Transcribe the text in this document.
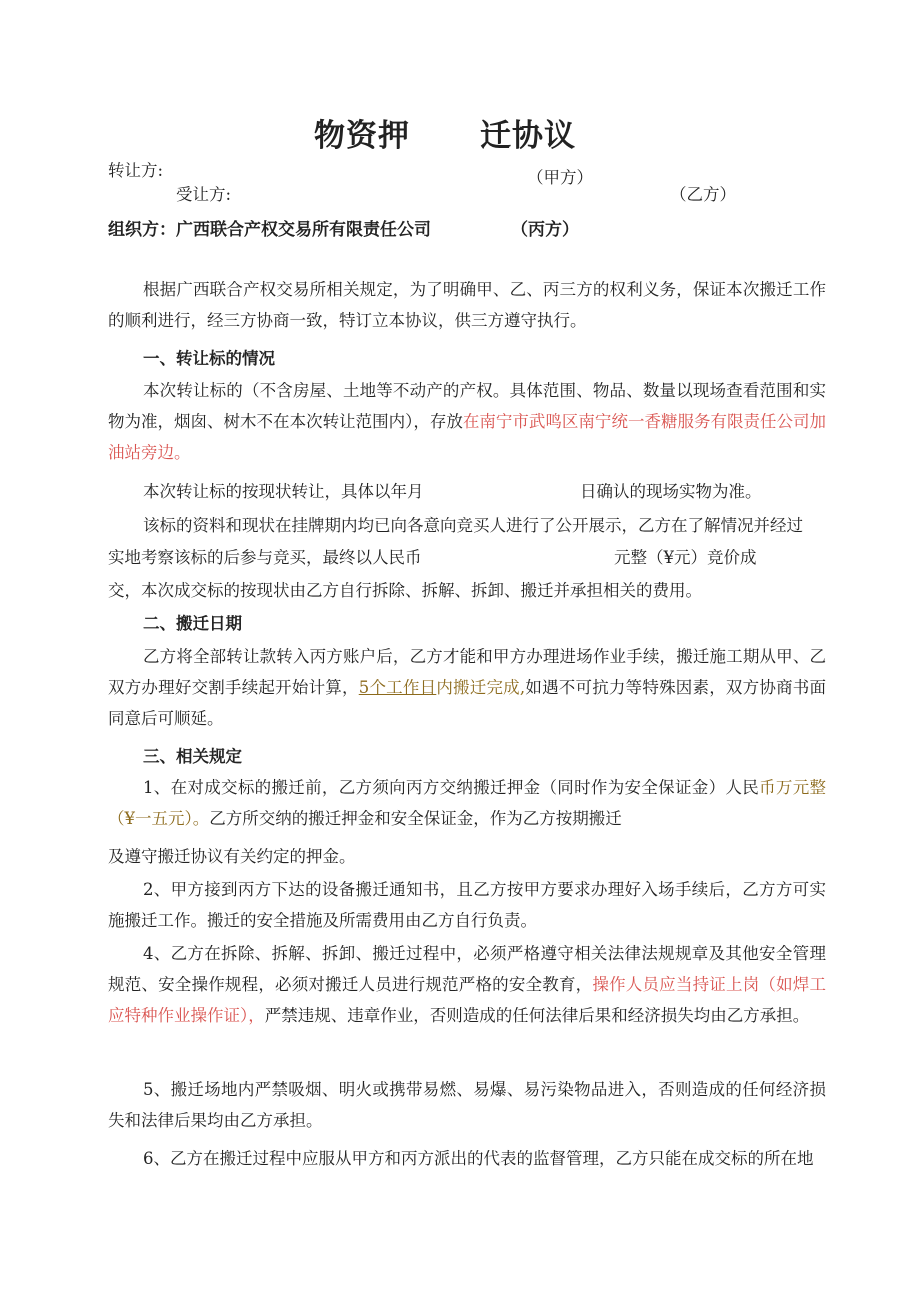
物资押 迁协议
转让方:	（甲方）
受让方:	（乙方）
组织方：广西联合产权交易所有限责任公司	（丙方）
根据广西联合产权交易所相关规定，为了明确甲、乙、丙三方的权利义务，保证本次搬迁工作的顺利进行，经三方协商一致，特订立本协议，供三方遵守执行。
一、转让标的情况
本次转让标的（不含房屋、土地等不动产的产权。具体范围、物品、数量以现场查看范围和实物为准，烟囱、树木不在本次转让范围内），存放在南宁市武鸣区南宁统一香糖服务有限责任公司加油站旁边。
本次转让标的按现状转让，具体以年月	日确认的现场实物为准。
该标的资料和现状在挂牌期内均已向各意向竞买人进行了公开展示，乙方在了解情况并经过
实地考察该标的后参与竞买，最终以人民币	元整（¥元）竞价成
交，本次成交标的按现状由乙方自行拆除、拆解、拆卸、搬迁并承担相关的费用。
二、搬迁日期
乙方将全部转让款转入丙方账户后，乙方才能和甲方办理进场作业手续，搬迁施工期从甲、乙双方办理好交割手续起开始计算，5个工作日内搬迁完成,如遇不可抗力等特殊因素，双方协商书面同意后可顺延。
三、相关规定
1、在对成交标的搬迁前，乙方须向丙方交纳搬迁押金（同时作为安全保证金）人民币万元整（¥一五元）。乙方所交纳的搬迁押金和安全保证金，作为乙方按期搬迁
及遵守搬迁协议有关约定的押金。
2、甲方接到丙方下达的设备搬迁通知书，且乙方按甲方要求办理好入场手续后，乙方方可实施搬迁工作。搬迁的安全措施及所需费用由乙方自行负责。
4、乙方在拆除、拆解、拆卸、搬迁过程中，必须严格遵守相关法律法规规章及其他安全管理规范、安全操作规程，必须对搬迁人员进行规范严格的安全教育，操作人员应当持证上岗（如焊工应特种作业操作证），严禁违规、违章作业，否则造成的任何法律后果和经济损失均由乙方承担。
5、搬迁场地内严禁吸烟、明火或携带易燃、易爆、易污染物品进入，否则造成的任何经济损失和法律后果均由乙方承担。
6、乙方在搬迁过程中应服从甲方和丙方派出的代表的监督管理，乙方只能在成交标的所在地
